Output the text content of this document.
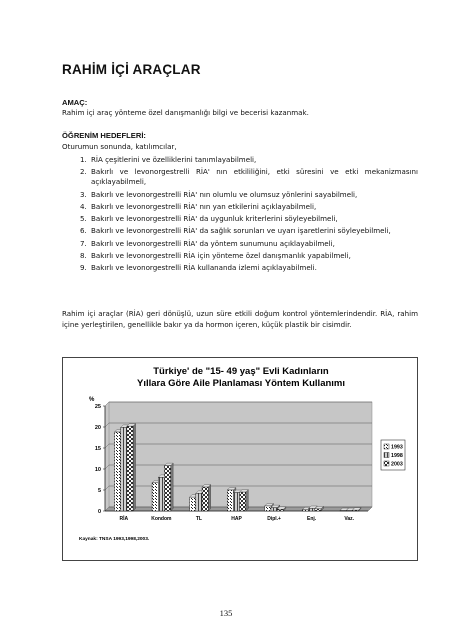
RAHİM İÇİ ARAÇLAR
AMAÇ:
Rahim içi araç yönteme özel danışmanlığı bilgi ve becerisi kazanmak.
ÖĞRENİM HEDEFLERİ:
Oturumun sonunda, katılımcılar,
1. RİA çeşitlerini ve özelliklerini tanımlayabilmeli,
2. Bakırlı ve levonorgestrelli RİA' nın etkililiğini, etki süresini ve etki mekanizmasını açıklayabilmeli,
3. Bakırlı ve levonorgestrelli RİA' nın olumlu ve olumsuz yönlerini sayabilmeli,
4. Bakırlı ve levonorgestrelli RİA' nın yan etkilerini açıklayabilmeli,
5. Bakırlı ve levonorgestrelli RİA' da uygunluk kriterlerini söyleyebilmeli,
6. Bakırlı ve levonorgestrelli RİA' da sağlık sorunları ve uyarı işaretlerini söyleyebilmeli,
7. Bakırlı ve levonorgestrelli RİA' da yöntem sunumunu açıklayabilmeli,
8. Bakırlı ve levonorgestrelli RİA için yönteme özel danışmanlık yapabilmeli,
9. Bakırlı ve levonorgestrelli RİA kullananda izlemi açıklayabilmeli.
Rahim içi araçlar (RİA) geri dönüşlü, uzun süre etkili doğum kontrol yöntemlerindendir. RİA, rahim içine yerleştirilen, genellikle bakır ya da hormon içeren, küçük plastik bir cisimdir.
Türkiye' de "15- 49 yaş" Evli Kadınların
Yıllara Göre Aile Planlaması Yöntem Kullanımı
%
0
5
10
15
20
25
RİA	Kondom	TL	HAP	Dipl.+	Enj.	Vaz.
1993
1998
2003
Kaynak: TNSA 1993,1998,2003.
135
